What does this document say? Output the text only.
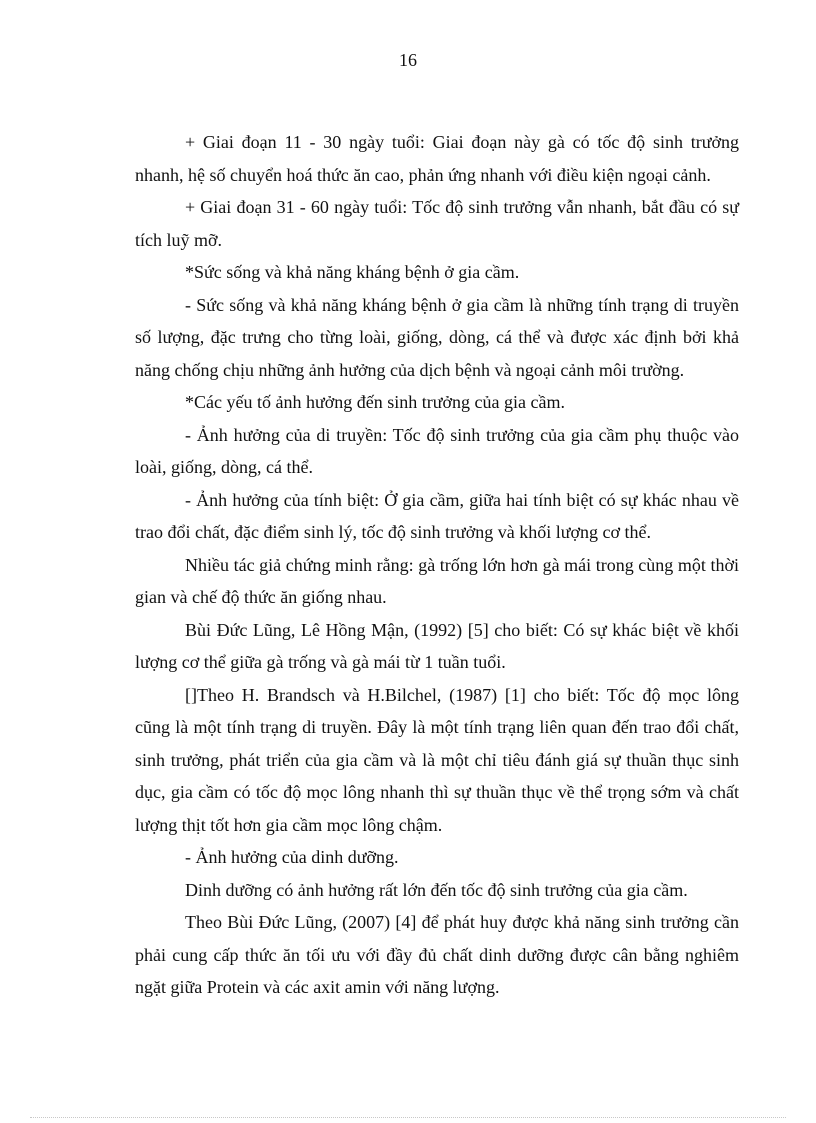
16

+ Giai đoạn 11 - 30 ngày tuổi: Giai đoạn này gà có tốc độ sinh trưởng nhanh, hệ số chuyển hoá thức ăn cao, phản ứng nhanh với điều kiện ngoại cảnh.

+ Giai đoạn 31 - 60 ngày tuổi: Tốc độ sinh trưởng vẫn nhanh, bắt đầu có sự tích luỹ mỡ.

*Sức sống và khả năng kháng bệnh ở gia cầm.

- Sức sống và khả năng kháng bệnh ở gia cầm là những tính trạng di truyền số lượng, đặc trưng cho từng loài, giống, dòng, cá thể và được xác định bởi khả năng chống chịu những ảnh hưởng của dịch bệnh và ngoại cảnh môi trường.

*Các yếu tố ảnh hưởng đến sinh trưởng của gia cầm.

- Ảnh hưởng của di truyền: Tốc độ sinh trưởng của gia cầm phụ thuộc vào loài, giống, dòng, cá thể.

- Ảnh hưởng của tính biệt: Ở gia cầm, giữa hai tính biệt có sự khác nhau về trao đổi chất, đặc điểm sinh lý, tốc độ sinh trưởng và khối lượng cơ thể.

Nhiều tác giả chứng minh rằng: gà trống lớn hơn gà mái trong cùng một thời gian và chế độ thức ăn giống nhau.

Bùi Đức Lũng, Lê Hồng Mận, (1992) [5] cho biết: Có sự khác biệt về khối lượng cơ thể giữa gà trống và gà mái từ 1 tuần tuổi.

[]Theo H. Brandsch và H.Bilchel, (1987) [1] cho biết: Tốc độ mọc lông cũng là một tính trạng di truyền. Đây là một tính trạng liên quan đến trao đổi chất, sinh trưởng, phát triển của gia cầm và là một chỉ tiêu đánh giá sự thuần thục sinh dục, gia cầm có tốc độ mọc lông nhanh thì sự thuần thục về thể trọng sớm và chất lượng thịt tốt hơn gia cầm mọc lông chậm.

- Ảnh hưởng của dinh dưỡng.

Dinh dưỡng có ảnh hưởng rất lớn đến tốc độ sinh trưởng của gia cầm.

Theo Bùi Đức Lũng, (2007) [4] để phát huy được khả năng sinh trưởng cần phải cung cấp thức ăn tối ưu với đầy đủ chất dinh dưỡng được cân bằng nghiêm ngặt giữa Protein và các axit amin với năng lượng.
